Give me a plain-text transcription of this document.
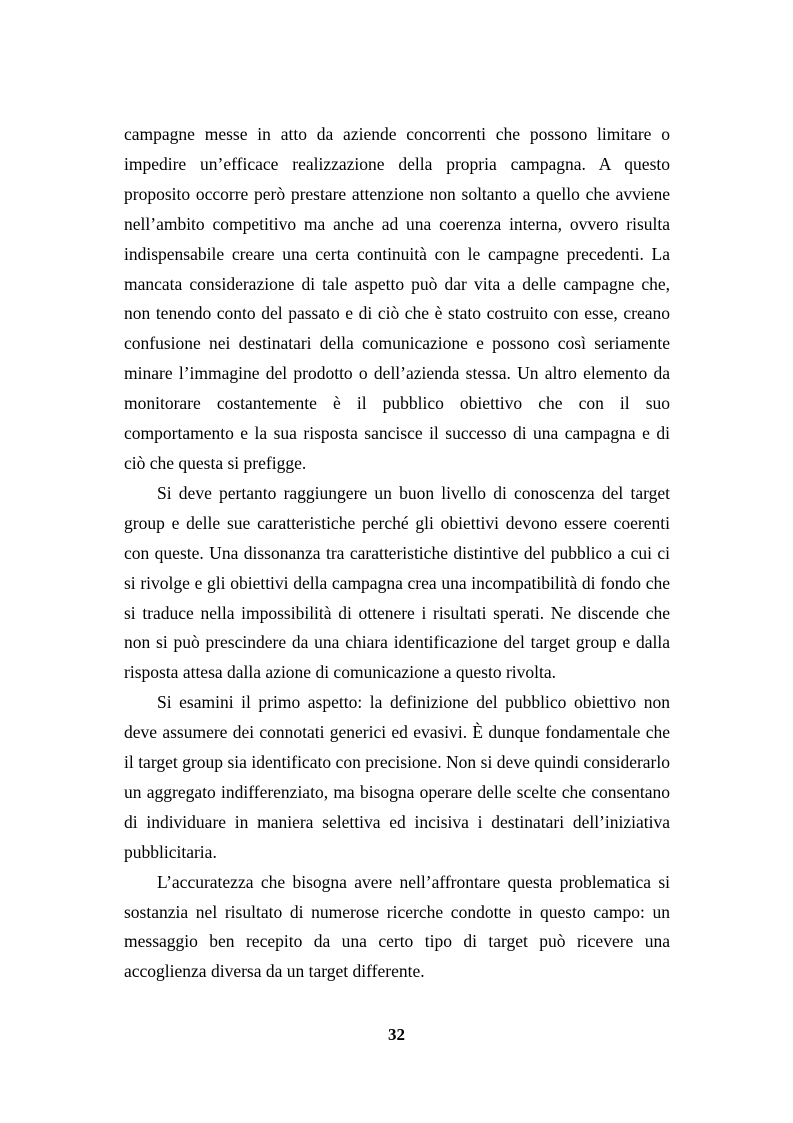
campagne messe in atto da aziende concorrenti che possono limitare o impedire un’efficace realizzazione della propria campagna. A questo proposito occorre però prestare attenzione non soltanto a quello che avviene nell’ambito competitivo ma anche ad una coerenza interna, ovvero risulta indispensabile creare una certa continuità con le campagne precedenti. La mancata considerazione di tale aspetto può dar vita a delle campagne che, non tenendo conto del passato e di ciò che è stato costruito con esse, creano confusione nei destinatari della comunicazione e possono così seriamente minare l’immagine del prodotto o dell’azienda stessa. Un altro elemento da monitorare costantemente è il pubblico obiettivo che con il suo comportamento e la sua risposta sancisce il successo di una campagna e di ciò che questa si prefigge.

Si deve pertanto raggiungere un buon livello di conoscenza del target group e delle sue caratteristiche perché gli obiettivi devono essere coerenti con queste. Una dissonanza tra caratteristiche distintive del pubblico a cui ci si rivolge e gli obiettivi della campagna crea una incompatibilità di fondo che si traduce nella impossibilità di ottenere i risultati sperati. Ne discende che non si può prescindere da una chiara identificazione del target group e dalla risposta attesa dalla azione di comunicazione a questo rivolta.

Si esamini il primo aspetto: la definizione del pubblico obiettivo non deve assumere dei connotati generici ed evasivi. È dunque fondamentale che il target group sia identificato con precisione. Non si deve quindi considerarlo un aggregato indifferenziato, ma bisogna operare delle scelte che consentano di individuare in maniera selettiva ed incisiva i destinatari dell’iniziativa pubblicitaria.

L’accuratezza che bisogna avere nell’affrontare questa problematica si sostanzia nel risultato di numerose ricerche condotte in questo campo: un messaggio ben recepito da una certo tipo di target può ricevere una accoglienza diversa da un target differente.

32
